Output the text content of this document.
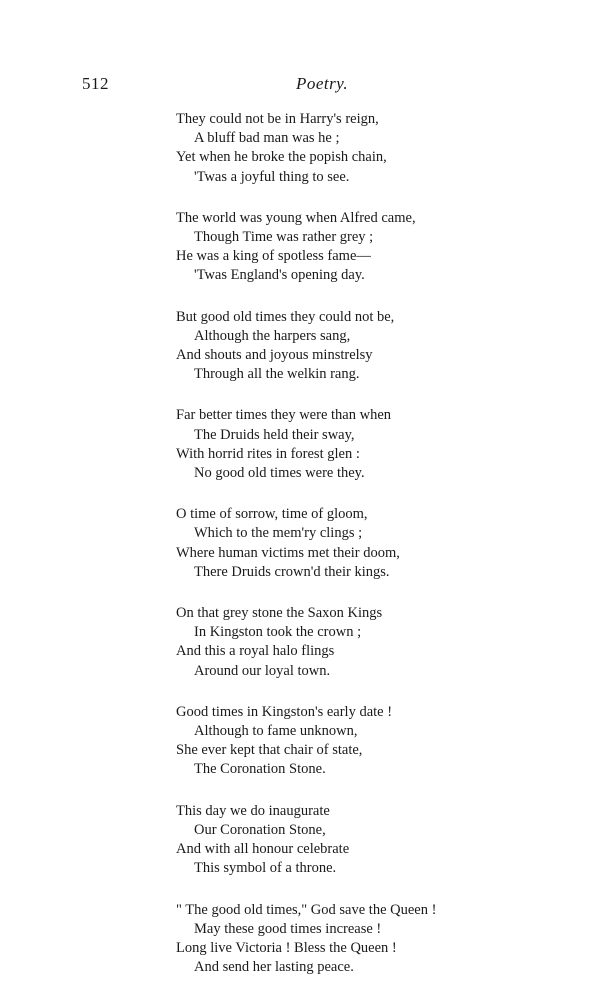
512	Poetry.
They could not be in Harry's reign,
A bluff bad man was he ;
Yet when he broke the popish chain,
'Twas a joyful thing to see.
The world was young when Alfred came,
Though Time was rather grey ;
He was a king of spotless fame—
'Twas England's opening day.
But good old times they could not be,
Although the harpers sang,
And shouts and joyous minstrelsy
Through all the welkin rang.
Far better times they were than when
The Druids held their sway,
With horrid rites in forest glen :
No good old times were they.
O time of sorrow, time of gloom,
Which to the mem'ry clings ;
Where human victims met their doom,
There Druids crown'd their kings.
On that grey stone the Saxon Kings
In Kingston took the crown ;
And this a royal halo flings
Around our loyal town.
Good times in Kingston's early date !
Although to fame unknown,
She ever kept that chair of state,
The Coronation Stone.
This day we do inaugurate
Our Coronation Stone,
And with all honour celebrate
This symbol of a throne.
" The good old times," God save the Queen !
May these good times increase !
Long live Victoria ! Bless the Queen !
And send her lasting peace.
